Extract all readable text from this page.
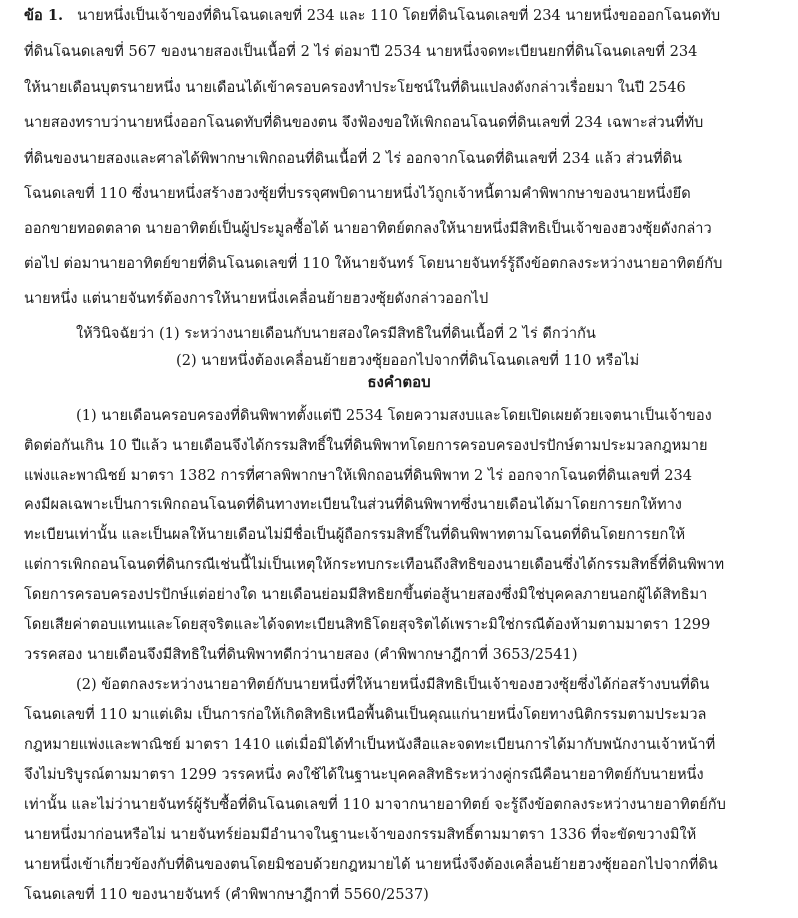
ข้อ 1. นายหนึ่งเป็นเจ้าของที่ดินโฉนดเลขที่ 234 และ 110 โดยที่ดินโฉนดเลขที่ 234 นายหนึ่งขอออกโฉนดทับ
ที่ดินโฉนดเลขที่ 567 ของนายสองเป็นเนื้อที่ 2 ไร่ ต่อมาปี 2534 นายหนึ่งจดทะเบียนยกที่ดินโฉนดเลขที่ 234
ให้นายเดือนบุตรนายหนึ่ง นายเดือนได้เข้าครอบครองทำประโยชน์ในที่ดินแปลงดังกล่าวเรื่อยมา ในปี 2546
นายสองทราบว่านายหนึ่งออกโฉนดทับที่ดินของตน จึงฟ้องขอให้เพิกถอนโฉนดที่ดินเลขที่ 234 เฉพาะส่วนที่ทับ
ที่ดินของนายสองและศาลได้พิพากษาเพิกถอนที่ดินเนื้อที่ 2 ไร่ ออกจากโฉนดที่ดินเลขที่ 234 แล้ว ส่วนที่ดิน
โฉนดเลขที่ 110 ซึ่งนายหนึ่งสร้างฮวงซุ้ยที่บรรจุศพบิดานายหนึ่งไว้ถูกเจ้าหนี้ตามคำพิพากษาของนายหนึ่งยึด
ออกขายทอดตลาด นายอาทิตย์เป็นผู้ประมูลซื้อได้ นายอาทิตย์ตกลงให้นายหนึ่งมีสิทธิเป็นเจ้าของฮวงซุ้ยดังกล่าว
ต่อไป ต่อมานายอาทิตย์ขายที่ดินโฉนดเลขที่ 110 ให้นายจันทร์ โดยนายจันทร์รู้ถึงข้อตกลงระหว่างนายอาทิตย์กับ
นายหนึ่ง แต่นายจันทร์ต้องการให้นายหนึ่งเคลื่อนย้ายฮวงซุ้ยดังกล่าวออกไป
ให้วินิจฉัยว่า (1) ระหว่างนายเดือนกับนายสองใครมีสิทธิในที่ดินเนื้อที่ 2 ไร่ ดีกว่ากัน
(2) นายหนึ่งต้องเคลื่อนย้ายฮวงซุ้ยออกไปจากที่ดินโฉนดเลขที่ 110 หรือไม่
ธงคำตอบ
(1) นายเดือนครอบครองที่ดินพิพาทตั้งแต่ปี 2534 โดยความสงบและโดยเปิดเผยด้วยเจตนาเป็นเจ้าของ
ติดต่อกันเกิน 10 ปีแล้ว นายเดือนจึงได้กรรมสิทธิ์ในที่ดินพิพาทโดยการครอบครองปรปักษ์ตามประมวลกฎหมาย
แพ่งและพาณิชย์ มาตรา 1382 การที่ศาลพิพากษาให้เพิกถอนที่ดินพิพาท 2 ไร่ ออกจากโฉนดที่ดินเลขที่ 234
คงมีผลเฉพาะเป็นการเพิกถอนโฉนดที่ดินทางทะเบียนในส่วนที่ดินพิพาทซึ่งนายเดือนได้มาโดยการยกให้ทาง
ทะเบียนเท่านั้น และเป็นผลให้นายเดือนไม่มีชื่อเป็นผู้ถือกรรมสิทธิ์ในที่ดินพิพาทตามโฉนดที่ดินโดยการยกให้
แต่การเพิกถอนโฉนดที่ดินกรณีเช่นนี้ไม่เป็นเหตุให้กระทบกระเทือนถึงสิทธิของนายเดือนซึ่งได้กรรมสิทธิ์ที่ดินพิพาท
โดยการครอบครองปรปักษ์แต่อย่างใด นายเดือนย่อมมีสิทธิยกขึ้นต่อสู้นายสองซึ่งมิใช่บุคคลภายนอกผู้ได้สิทธิมา
โดยเสียค่าตอบแทนและโดยสุจริตและได้จดทะเบียนสิทธิโดยสุจริตได้เพราะมิใช่กรณีต้องห้ามตามมาตรา 1299
วรรคสอง นายเดือนจึงมีสิทธิในที่ดินพิพาทดีกว่านายสอง (คำพิพากษาฎีกาที่ 3653/2541)
(2) ข้อตกลงระหว่างนายอาทิตย์กับนายหนึ่งที่ให้นายหนึ่งมีสิทธิเป็นเจ้าของฮวงซุ้ยซึ่งได้ก่อสร้างบนที่ดิน
โฉนดเลขที่ 110 มาแต่เดิม เป็นการก่อให้เกิดสิทธิเหนือพื้นดินเป็นคุณแก่นายหนึ่งโดยทางนิติกรรมตามประมวล
กฎหมายแพ่งและพาณิชย์ มาตรา 1410 แต่เมื่อมิได้ทำเป็นหนังสือและจดทะเบียนการได้มากับพนักงานเจ้าหน้าที่
จึงไม่บริบูรณ์ตามมาตรา 1299 วรรคหนึ่ง คงใช้ได้ในฐานะบุคคลสิทธิระหว่างคู่กรณีคือนายอาทิตย์กับนายหนึ่ง
เท่านั้น และไม่ว่านายจันทร์ผู้รับซื้อที่ดินโฉนดเลขที่ 110 มาจากนายอาทิตย์ จะรู้ถึงข้อตกลงระหว่างนายอาทิตย์กับ
นายหนึ่งมาก่อนหรือไม่ นายจันทร์ย่อมมีอำนาจในฐานะเจ้าของกรรมสิทธิ์ตามมาตรา 1336 ที่จะขัดขวางมิให้
นายหนึ่งเข้าเกี่ยวข้องกับที่ดินของตนโดยมิชอบด้วยกฎหมายได้ นายหนึ่งจึงต้องเคลื่อนย้ายฮวงซุ้ยออกไปจากที่ดิน
โฉนดเลขที่ 110 ของนายจันทร์ (คำพิพากษาฎีกาที่ 5560/2537)
